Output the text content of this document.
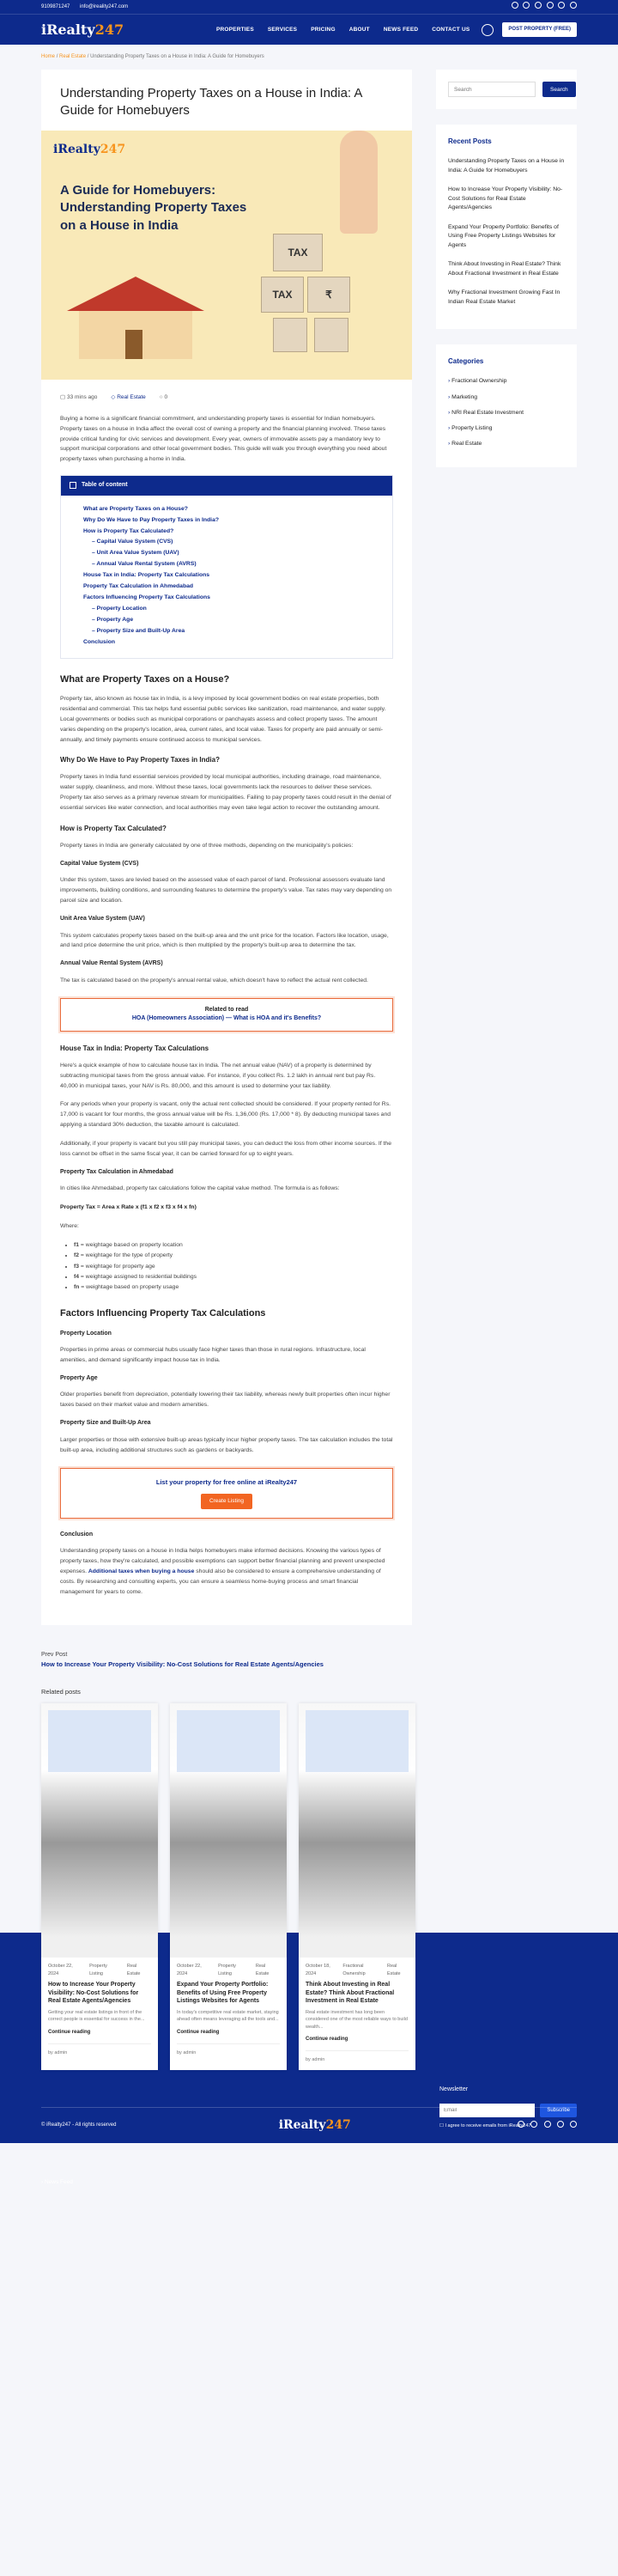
9109871247 info@ireality247.com

iRealty247	PROPERTIES SERVICES PRICING ABOUT NEWS FEED CONTACT US	POST PROPERTY (FREE)
Home / Real Estate / Understanding Property Taxes on a House in India: A Guide for Homebuyers
Understanding Property Taxes on a House in India: A Guide for Homebuyers
iRealty247
A Guide for Homebuyers: Understanding Property Taxes on a House in India
TAX
TAX	₹
▢ 33 mins ago ◇ Real Estate ○ 0

Buying a home is a significant financial commitment, and understanding property taxes is essential for Indian homebuyers. Property taxes on a house in India affect the overall cost of owning a property and the financial planning involved. These taxes provide critical funding for civic services and development. Every year, owners of immovable assets pay a mandatory levy to support municipal corporations and other local government bodies. This guide will walk you through everything you need about property taxes when purchasing a home in India.

Table of content
What are Property Taxes on a House?
Why Do We Have to Pay Property Taxes in India?
How is Property Tax Calculated?
– Capital Value System (CVS)
– Unit Area Value System (UAV)
– Annual Value Rental System (AVRS)
House Tax in India: Property Tax Calculations
Property Tax Calculation in Ahmedabad
Factors Influencing Property Tax Calculations
– Property Location
– Property Age
– Property Size and Built-Up Area
Conclusion
What are Property Taxes on a House?

Property tax, also known as house tax in India, is a levy imposed by local government bodies on real estate properties, both residential and commercial. This tax helps fund essential public services like sanitization, road maintenance, and water supply. Local governments or bodies such as municipal corporations or panchayats assess and collect property taxes. The amount varies depending on the property's location, area, current rates, and local value. Taxes for property are paid annually or semi-annually, and timely payments ensure continued access to municipal services.

Why Do We Have to Pay Property Taxes in India?

Property taxes in India fund essential services provided by local municipal authorities, including drainage, road maintenance, water supply, cleanliness, and more. Without these taxes, local governments lack the resources to deliver these services. Property tax also serves as a primary revenue stream for municipalities. Failing to pay property taxes could result in the denial of essential services like water connection, and local authorities may even take legal action to recover the outstanding amount.

How is Property Tax Calculated?

Property taxes in India are generally calculated by one of three methods, depending on the municipality's policies:

Capital Value System (CVS)

Under this system, taxes are levied based on the assessed value of each parcel of land. Professional assessors evaluate land improvements, building conditions, and surrounding features to determine the property's value. Tax rates may vary depending on parcel size and location.

Unit Area Value System (UAV)

This system calculates property taxes based on the built-up area and the unit price for the location. Factors like location, usage, and land price determine the unit price, which is then multiplied by the property's built-up area to determine the tax.

Annual Value Rental System (AVRS)

The tax is calculated based on the property's annual rental value, which doesn't have to reflect the actual rent collected.

Related to read
HOA (Homeowners Association) — What is HOA and it's Benefits?
House Tax in India: Property Tax Calculations

Here's a quick example of how to calculate house tax in India. The net annual value (NAV) of a property is determined by subtracting municipal taxes from the gross annual value. For instance, if you collect Rs. 1.2 lakh in annual rent but pay Rs. 40,000 in municipal taxes, your NAV is Rs. 80,000, and this amount is used to determine your tax liability.

For any periods when your property is vacant, only the actual rent collected should be considered. If your property rented for Rs. 17,000 is vacant for four months, the gross annual value will be Rs. 1,36,000 (Rs. 17,000 * 8). By deducting municipal taxes and applying a standard 30% deduction, the taxable amount is calculated.

Additionally, if your property is vacant but you still pay municipal taxes, you can deduct the loss from other income sources. If the loss cannot be offset in the same fiscal year, it can be carried forward for up to eight years.

Property Tax Calculation in Ahmedabad

In cities like Ahmedabad, property tax calculations follow the capital value method. The formula is as follows:

Property Tax = Area x Rate x (f1 x f2 x f3 x f4 x fn)

Where:

• f1 = weightage based on property location
• f2 = weightage for the type of property
• f3 = weightage for property age
• f4 = weightage assigned to residential buildings
• fn = weightage based on property usage
Factors Influencing Property Tax Calculations
Property Location

Properties in prime areas or commercial hubs usually face higher taxes than those in rural regions. Infrastructure, local amenities, and demand significantly impact house tax in India.

Property Age

Older properties benefit from depreciation, potentially lowering their tax liability, whereas newly built properties often incur higher taxes based on their market value and modern amenities.

Property Size and Built-Up Area

Larger properties or those with extensive built-up areas typically incur higher property taxes. The tax calculation includes the total built-up area, including additional structures such as gardens or backyards.

List your property for free online at iRealty247
Create Listing
Conclusion

Understanding property taxes on a house in India helps homebuyers make informed decisions. Knowing the various types of property taxes, how they're calculated, and possible exemptions can support better financial planning and prevent unexpected expenses. Additional taxes when buying a house should also be considered to ensure a comprehensive understanding of costs. By researching and consulting experts, you can ensure a seamless home-buying process and smart financial management for years to come.

Search
Search
Recent Posts
Understanding Property Taxes on a House in India: A Guide for Homebuyers
How to Increase Your Property Visibility: No-Cost Solutions for Real Estate Agents/Agencies
Expand Your Property Portfolio: Benefits of Using Free Property Listings Websites for Agents
Think About Investing in Real Estate? Think About Fractional Investment in Real Estate
Why Fractional Investment Growing Fast In Indian Real Estate Market
Categories
› Fractional Ownership
› Marketing
› NRI Real Estate Investment
› Property Listing
› Real Estate
Prev Post
How to Increase Your Property Visibility: No-Cost Solutions for Real Estate Agents/Agencies
Related posts
October 22, 2024
Property Listing
Real Estate
How to Increase Your Property Visibility: No-Cost Solutions for Real Estate Agents/Agencies
Getting your real estate listings in front of the correct people is essential for success in the...
Continue reading
by admin
October 22, 2024
Property Listing
Real Estate
Expand Your Property Portfolio: Benefits of Using Free Property Listings Websites for Agents
In today's competitive real estate market, staying ahead often means leveraging all the tools and...
Continue reading
by admin
October 18, 2024
Fractional Ownership
Real Estate
Think About Investing in Real Estate? Think About Fractional Investment in Real Estate
Real estate investment has long been considered one of the most reliable ways to build wealth...
Continue reading
by admin
Newsletter
Email
Subscribe
☐ I agree to receive emails from iRealty247
› News Feed
© iRealty247 - All rights reserved	iRealty247
